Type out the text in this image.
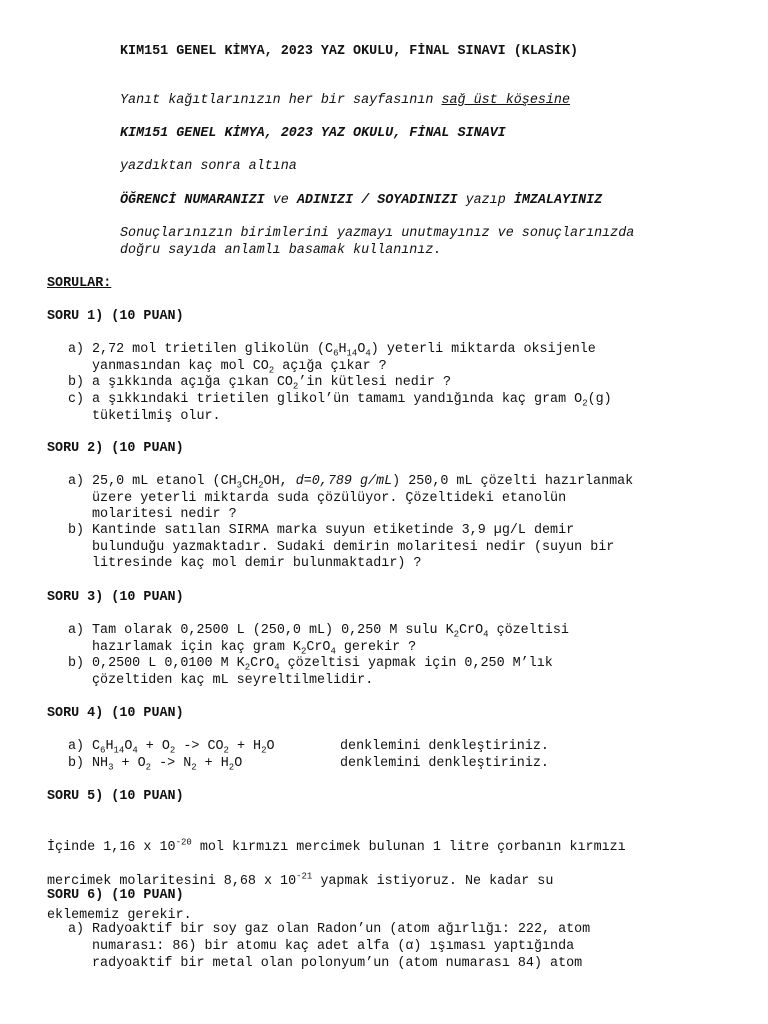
KIM151 GENEL KİMYA, 2023 YAZ OKULU, FİNAL SINAVI (KLASİK)
Yanıt kağıtlarınızın her bir sayfasının sağ üst köşesine
KIM151 GENEL KİMYA, 2023 YAZ OKULU, FİNAL SINAVI
yazdıktan sonra altına
ÖĞRENCİ NUMARANIZI ve ADINIZI / SOYADINIZI yazıp İMZALAYINIZ
Sonuçlarınızın birimlerini yazmayı unutmayınız ve sonuçlarınızda
doğru sayıda anlamlı basamak kullanınız.
SORULAR:
SORU 1) (10 PUAN)
a) 2,72 mol trietilen glikolün $(C_6H_{14}O_4)$ yeterli miktarda oksijenle
yanmasından kaç mol $CO_2$ açığa çıkar ?
b) a şıkkında açığa çıkan $CO_2’in$ kütlesi nedir ?
c) a şıkkındaki trietilen glikol’ün tamamı yandığında kaç gram $O_2(g)$
tüketilmiş olur.
SORU 2) (10 PUAN)
a) 25,0 mL etanol ($CH_3CH_2OH$, d=0,789 g/mL) 250,0 mL çözelti hazırlanmak
üzere yeterli miktarda suda çözülüyor. Çözeltideki etanolün
molaritesi nedir ?
b) Kantinde satılan SIRMA marka suyun etiketinde 3,9 µg/L demir
bulunduğu yazmaktadır. Sudaki demirin molaritesi nedir (suyun bir
litresinde kaç mol demir bulunmaktadır) ?
SORU 3) (10 PUAN)
a) Tam olarak 0,2500 L (250,0 mL) 0,250 M sulu $K_2CrO_4$ çözeltisi
hazırlamak için kaç gram $K_2CrO_4$ gerekir ?
b) 0,2500 L 0,0100 M $K_2CrO_4$ çözeltisi yapmak için 0,250 M’lık
çözeltiden kaç mL seyreltilmelidir.
SORU 4) (10 PUAN)
a) $C_6H_{14}O_4 + O_2 -> CO_2 + H_2O$	denklemini denkleştiriniz.
b) $NH_3 + O_2 -> N_2 + H_2O$	denklemini denkleştiriniz.
SORU 5) (10 PUAN)

İçinde 1,16 x $10^{-20}$ mol kırmızı mercimek bulunan 1 litre çorbanın kırmızı

mercimek molaritesini 8,68 x $10^{-21}$ yapmak istiyoruz. Ne kadar su

eklememiz gerekir.

SORU 6) (10 PUAN)
a) Radyoaktif bir soy gaz olan Radon’un (atom ağırlığı: 222, atom
numarası: 86) bir atomu kaç adet alfa (α) ışıması yaptığında
radyoaktif bir metal olan polonyum’un (atom numarası 84) atom
